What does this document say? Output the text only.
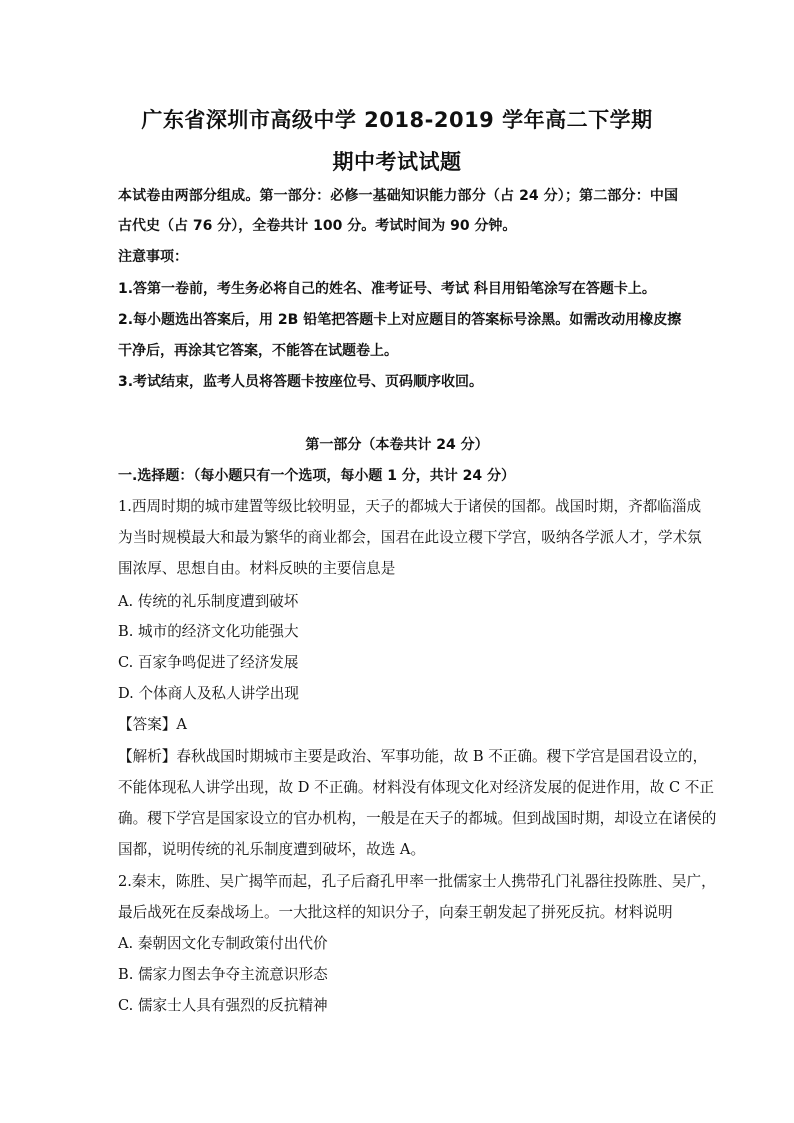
广东省深圳市高级中学 2018-2019 学年高二下学期
期中考试试题
本试卷由两部分组成。第一部分：必修一基础知识能力部分（占 24 分）；第二部分：中国
古代史（占 76 分），全卷共计 100 分。考试时间为 90 分钟。
注意事项：
1.答第一卷前，考生务必将自己的姓名、准考证号、考试 科目用铅笔涂写在答题卡上。
2.每小题选出答案后，用 2B 铅笔把答题卡上对应题目的答案标号涂黑。如需改动用橡皮擦
干净后，再涂其它答案，不能答在试题卷上。
3.考试结束，监考人员将答题卡按座位号、页码顺序收回。
第一部分（本卷共计 24 分）
一.选择题：（每小题只有一个选项，每小题 1 分，共计 24 分）
1.西周时期的城市建置等级比较明显，天子的都城大于诸侯的国都。战国时期，齐都临淄成
为当时规模最大和最为繁华的商业都会，国君在此设立稷下学宫，吸纳各学派人才，学术氛
围浓厚、思想自由。材料反映的主要信息是
A. 传统的礼乐制度遭到破坏
B. 城市的经济文化功能强大
C. 百家争鸣促进了经济发展
D. 个体商人及私人讲学出现
【答案】A
【解析】春秋战国时期城市主要是政治、军事功能，故 B 不正确。稷下学宫是国君设立的，
不能体现私人讲学出现，故 D 不正确。材料没有体现文化对经济发展的促进作用，故 C 不正
确。稷下学宫是国家设立的官办机构，一般是在天子的都城。但到战国时期，却设立在诸侯的
国都，说明传统的礼乐制度遭到破坏，故选 A。
2.秦末，陈胜、吴广揭竿而起，孔子后裔孔甲率一批儒家士人携带孔门礼器往投陈胜、吴广，
最后战死在反秦战场上。一大批这样的知识分子，向秦王朝发起了拼死反抗。材料说明
A. 秦朝因文化专制政策付出代价
B. 儒家力图去争夺主流意识形态
C. 儒家士人具有强烈的反抗精神
